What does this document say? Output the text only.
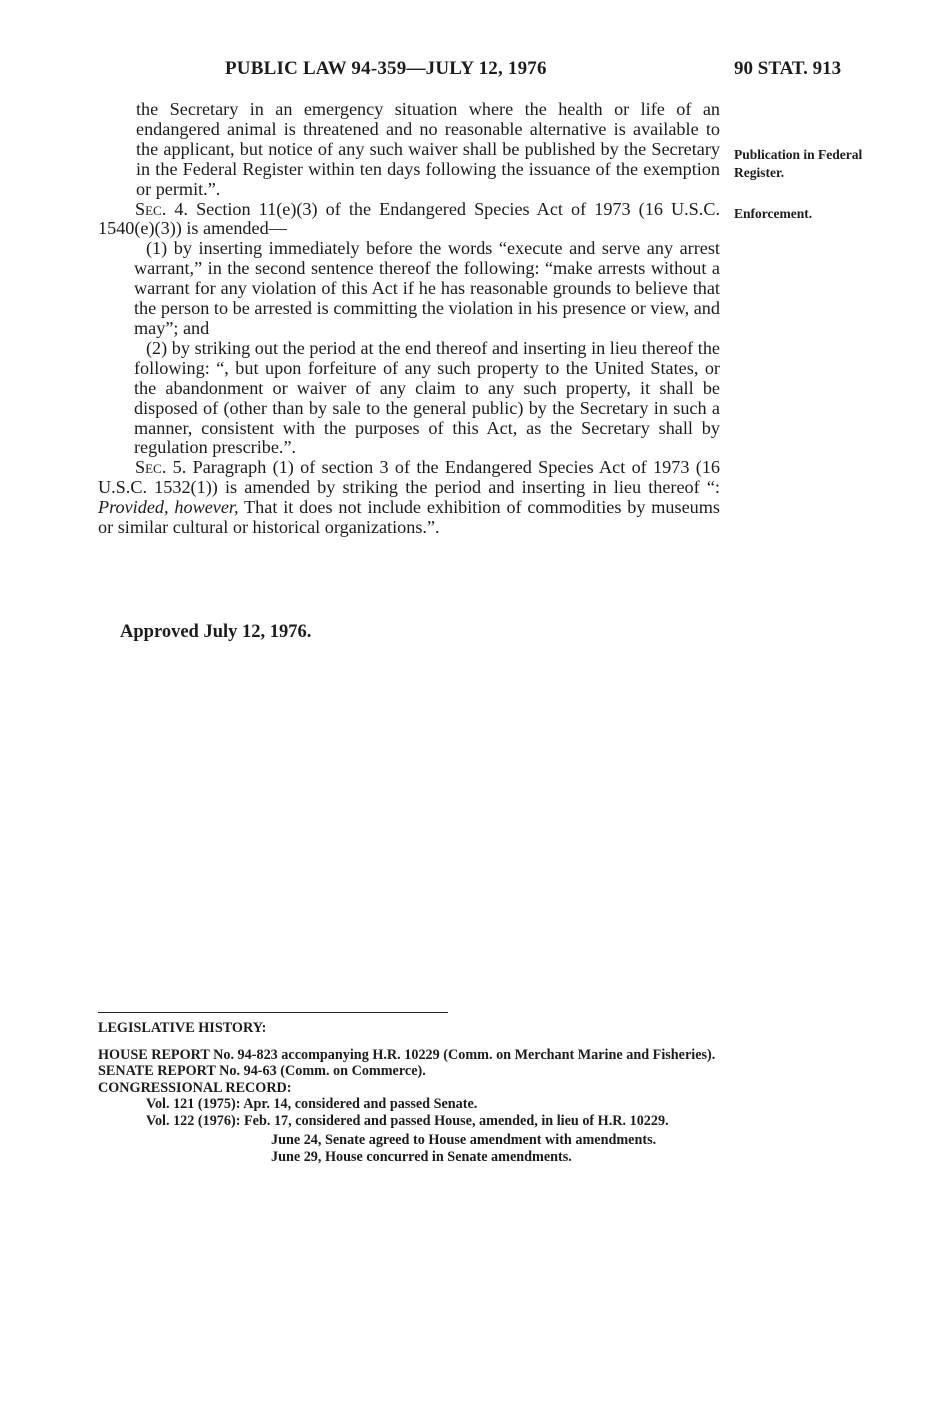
PUBLIC LAW 94-359—JULY 12, 1976	90 STAT. 913

the Secretary in an emergency situation where the health or life of an endangered animal is threatened and no reasonable alternative is available to the applicant, but notice of any such waiver shall be published by the Secretary in the Federal Register within ten days following the issuance of the exemption or permit.”.

Sec. 4. Section 11(e)(3) of the Endangered Species Act of 1973 (16 U.S.C. 1540(e)(3)) is amended—

(1) by inserting immediately before the words “execute and serve any arrest warrant,” in the second sentence thereof the following: “make arrests without a warrant for any violation of this Act if he has reasonable grounds to believe that the person to be arrested is committing the violation in his presence or view, and may”; and

(2) by striking out the period at the end thereof and inserting in lieu thereof the following: “, but upon forfeiture of any such property to the United States, or the abandonment or waiver of any claim to any such property, it shall be disposed of (other than by sale to the general public) by the Secretary in such a manner, consistent with the purposes of this Act, as the Secretary shall by regulation prescribe.”.

Sec. 5. Paragraph (1) of section 3 of the Endangered Species Act of 1973 (16 U.S.C. 1532(1)) is amended by striking the period and inserting in lieu thereof “: Provided, however, That it does not include exhibition of commodities by museums or similar cultural or historical organizations.”.

Publication in Federal Register.
Enforcement.
Approved July 12, 1976.

LEGISLATIVE HISTORY:

HOUSE REPORT No. 94-823 accompanying H.R. 10229 (Comm. on Merchant Marine and Fisheries).

SENATE REPORT No. 94-63 (Comm. on Commerce).

CONGRESSIONAL RECORD:

Vol. 121 (1975): Apr. 14, considered and passed Senate.

Vol. 122 (1976): Feb. 17, considered and passed House, amended, in lieu of H.R. 10229.

June 24, Senate agreed to House amendment with amendments.

June 29, House concurred in Senate amendments.
